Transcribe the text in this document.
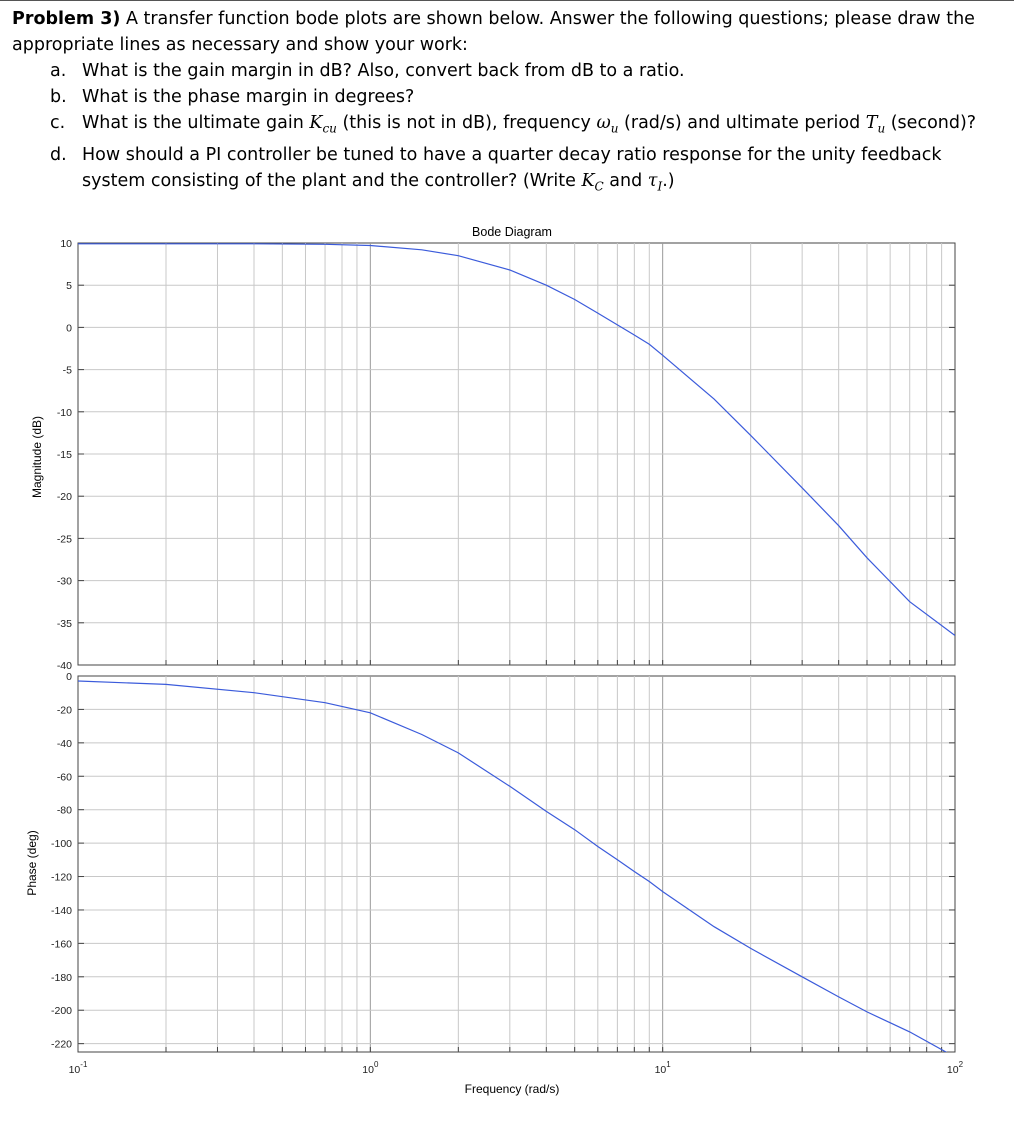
Problem 3) A transfer function bode plots are shown below. Answer the following questions; please draw the appropriate lines as necessary and show your work:
a. What is the gain margin in dB? Also, convert back from dB to a ratio.
b. What is the phase margin in degrees?
c. What is the ultimate gain $K_{cu}$ (this is not in dB), frequency $\omega_u$ (rad/s) and ultimate period $T_u$ (second)?
d. How should a PI controller be tuned to have a quarter decay ratio response for the unity feedback system consisting of the plant and the controller? (Write $K_C$ and $\tau_I$.)
Bode Diagram
10
5
0
-5
-10
-15
-20
-25
-30
-35
-40
0
-20
-40
-60
-80
-100
-120
-140
-160
-180
-200
-220
$10^{-1}$	$10^0$	$10^1$	$10^2$
Frequency (rad/s)
Magnitude (dB)
Phase (deg)
